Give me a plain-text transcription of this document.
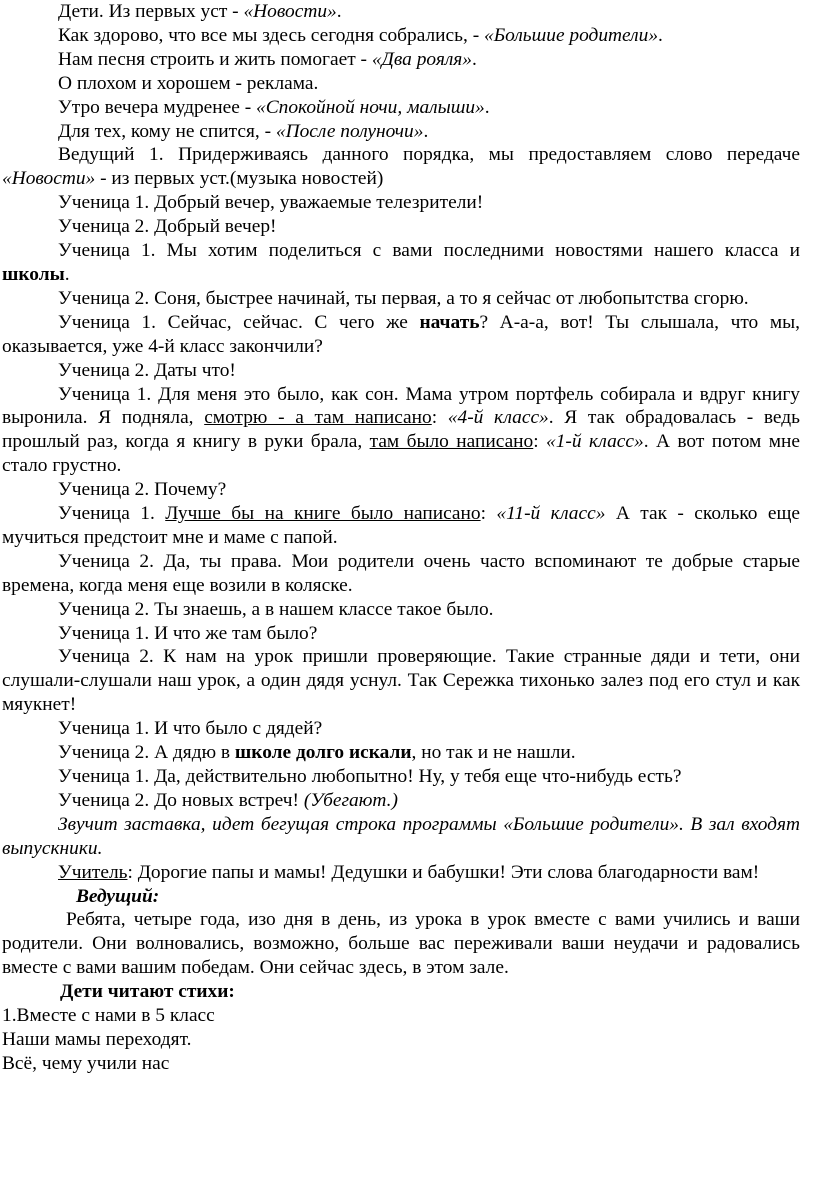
Дети. Из первых уст - «Новости».

Как здорово, что все мы здесь сегодня собрались, - «Большие родители».

Нам песня строить и жить помогает - «Два рояля».

О плохом и хорошем - реклама.

Утро вечера мудренее - «Спокойной ночи, малыши».

Для тех, кому не спится, - «После полуночи».

Ведущий 1. Придерживаясь данного порядка, мы предоставляем слово передаче «Новости» - из первых уст.(музыка новостей)

Ученица 1. Добрый вечер, уважаемые телезрители!

Ученица 2. Добрый вечер!

Ученица 1. Мы хотим поделиться с вами последними новостями нашего класса и школы.

Ученица 2. Соня, быстрее начинай, ты первая, а то я сейчас от любопытства сгорю.

Ученица 1. Сейчас, сейчас. С чего же начать? А-а-а, вот! Ты слышала, что мы, оказывается, уже 4-й класс закончили?

Ученица 2. Даты что!

Ученица 1. Для меня это было, как сон. Мама утром портфель собирала и вдруг книгу выронила. Я подняла, смотрю - а там написано: «4-й класс». Я так обрадовалась - ведь прошлый раз, когда я книгу в руки брала, там было написано: «1-й класс». А вот потом мне стало грустно.

Ученица 2. Почему?

Ученица 1. Лучше бы на книге было написано: «11-й класс» А так - сколько еще мучиться предстоит мне и маме с папой.

Ученица 2. Да, ты права. Мои родители очень часто вспоминают те добрые старые времена, когда меня еще возили в коляске.

Ученица 2. Ты знаешь, а в нашем классе такое было.

Ученица 1. И что же там было?

Ученица 2. К нам на урок пришли проверяющие. Такие странные дяди и тети, они слушали-слушали наш урок, а один дядя уснул. Так Сережка тихонько залез под его стул и как мяукнет!

Ученица 1. И что было с дядей?

Ученица 2. А дядю в школе долго искали, но так и не нашли.

Ученица 1. Да, действительно любопытно! Ну, у тебя еще что-нибудь есть?

Ученица 2. До новых встреч! (Убегают.)

Звучит заставка, идет бегущая строка программы «Большие родители». В зал входят выпускники.

Учитель: Дорогие папы и мамы! Дедушки и бабушки! Эти слова благодарности вам!

Ведущий:

Ребята, четыре года, изо дня в день, из урока в урок вместе с вами учились и ваши родители. Они волновались, возможно, больше вас переживали ваши неудачи и радовались вместе с вами вашим победам. Они сейчас здесь, в этом зале.

Дети читают стихи:

1.Вместе с нами в 5 класс

Наши мамы переходят.

Всё, чему учили нас
